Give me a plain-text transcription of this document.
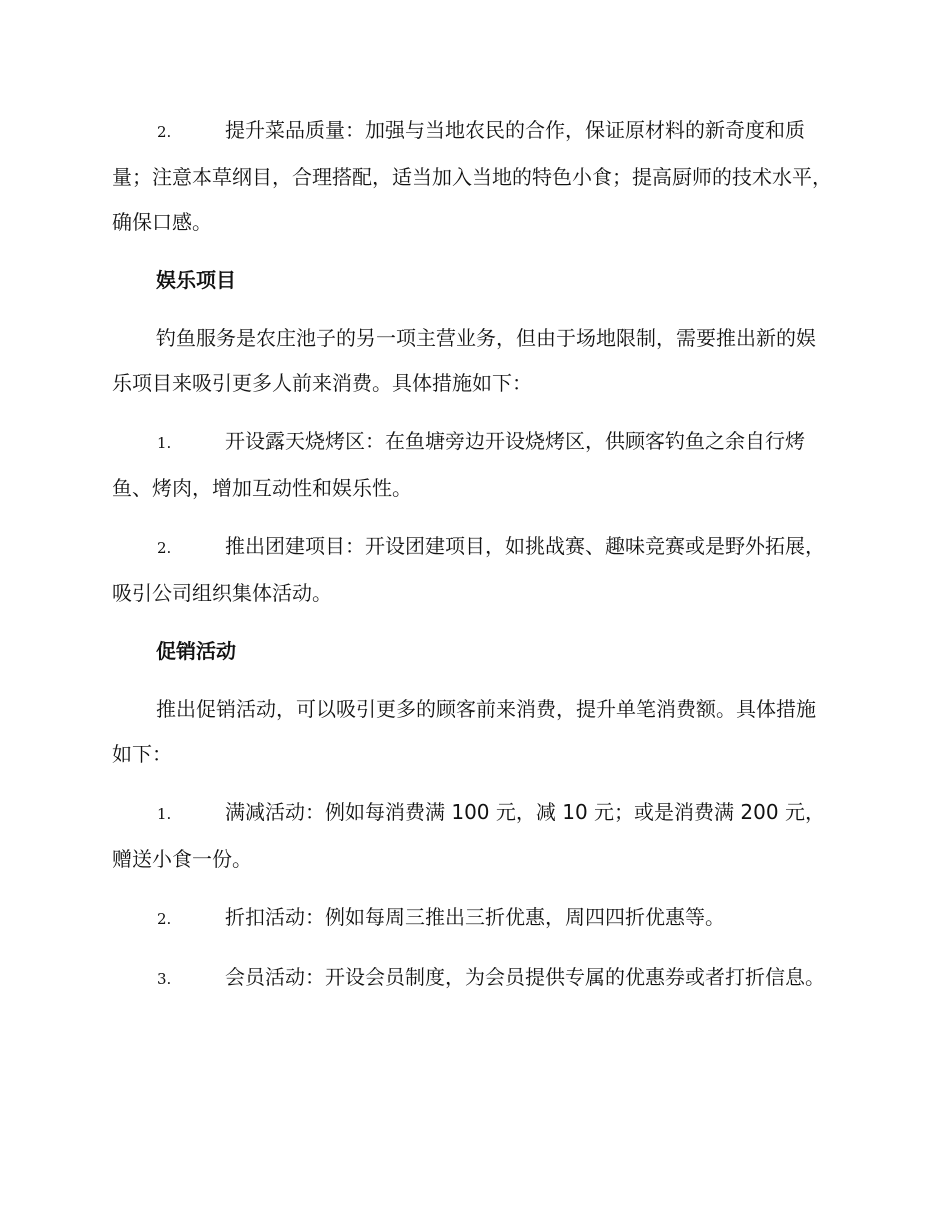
2.	提升菜品质量：加强与当地农民的合作，保证原材料的新奇度和质量；注意本草纲目，合理搭配，适当加入当地的特色小食；提高厨师的技术水平，确保口感。

娱乐项目

钓鱼服务是农庄池子的另一项主营业务，但由于场地限制，需要推出新的娱乐项目来吸引更多人前来消费。具体措施如下：

1.	开设露天烧烤区：在鱼塘旁边开设烧烤区，供顾客钓鱼之余自行烤鱼、烤肉，增加互动性和娱乐性。

2.	推出团建项目：开设团建项目，如挑战赛、趣味竞赛或是野外拓展，吸引公司组织集体活动。

促销活动

推出促销活动，可以吸引更多的顾客前来消费，提升单笔消费额。具体措施如下：

1.	满减活动：例如每消费满 100 元，减 10 元；或是消费满 200 元，赠送小食一份。

2.	折扣活动：例如每周三推出三折优惠，周四四折优惠等。

3.	会员活动：开设会员制度，为会员提供专属的优惠券或者打折信息。
